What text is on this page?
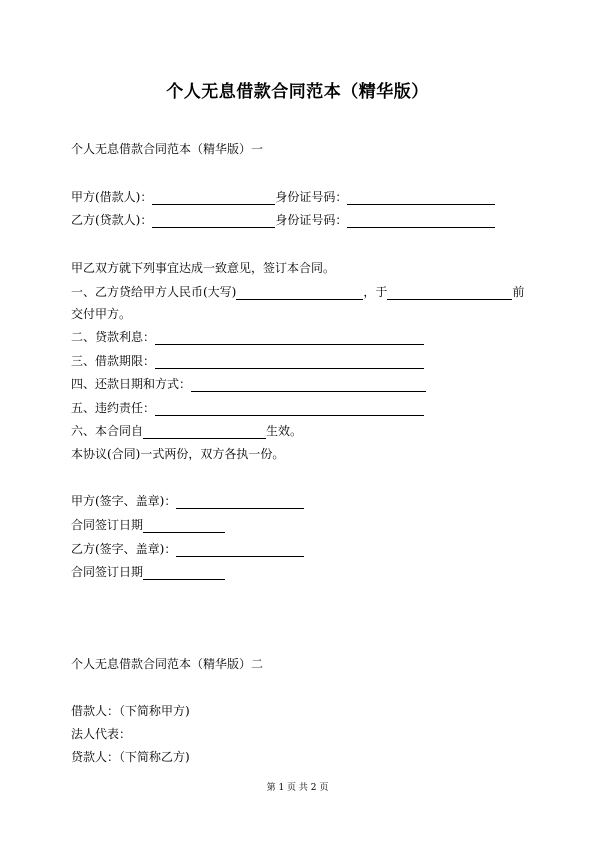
个人无息借款合同范本（精华版）
个人无息借款合同范本（精华版）一
甲方(借款人)：	身份证号码：
乙方(贷款人)：	身份证号码：
甲乙双方就下列事宜达成一致意见，签订本合同。
一、乙方贷给甲方人民币(大写)	，于	前
交付甲方。
二、贷款利息：
三、借款期限：
四、还款日期和方式：
五、违约责任：
六、本合同自	生效。
本协议(合同)一式两份，双方各执一份。
甲方(签字、盖章)：
合同签订日期
乙方(签字、盖章)：
合同签订日期
个人无息借款合同范本（精华版）二
借款人：（下简称甲方)
法人代表：
贷款人：（下简称乙方)
第 1 页 共 2 页
